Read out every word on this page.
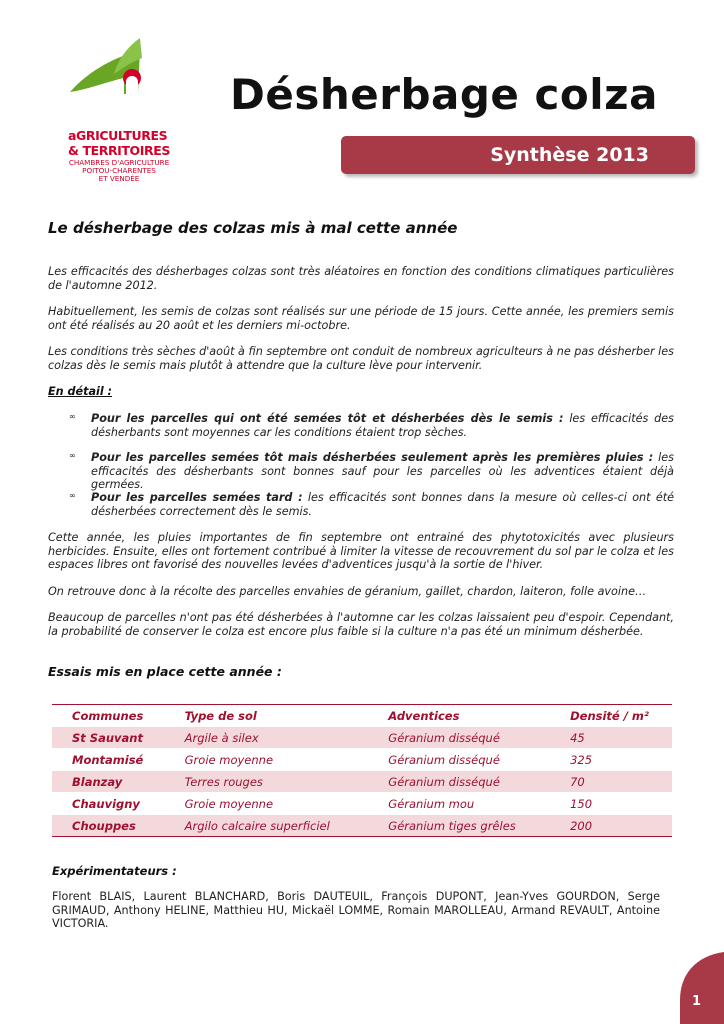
aGRICULTURES
& TERRITOIRES
CHAMBRES D'AGRICULTURE
POITOU-CHARENTES
ET VENDÉE
Désherbage colza
Synthèse 2013
Le désherbage des colzas mis à mal cette année
Les efficacités des désherbages colzas sont très aléatoires en fonction des conditions climatiques particulières de l'automne 2012.
Habituellement, les semis de colzas sont réalisés sur une période de 15 jours. Cette année, les premiers semis ont été réalisés au 20 août et les derniers mi-octobre.
Les conditions très sèches d'août à fin septembre ont conduit de nombreux agriculteurs à ne pas désherber les colzas dès le semis mais plutôt à attendre que la culture lève pour intervenir.
En détail :
∞ Pour les parcelles qui ont été semées tôt et désherbées dès le semis : les efficacités des désherbants sont moyennes car les conditions étaient trop sèches.
∞ Pour les parcelles semées tôt mais désherbées seulement après les premières pluies : les efficacités des désherbants sont bonnes sauf pour les parcelles où les adventices étaient déjà germées.
∞ Pour les parcelles semées tard : les efficacités sont bonnes dans la mesure où celles-ci ont été désherbées correctement dès le semis.
Cette année, les pluies importantes de fin septembre ont entrainé des phytotoxicités avec plusieurs herbicides. Ensuite, elles ont fortement contribué à limiter la vitesse de recouvrement du sol par le colza et les espaces libres ont favorisé des nouvelles levées d'adventices jusqu'à la sortie de l'hiver.
On retrouve donc à la récolte des parcelles envahies de géranium, gaillet, chardon, laiteron, folle avoine…
Beaucoup de parcelles n'ont pas été désherbées à l'automne car les colzas laissaient peu d'espoir. Cependant, la probabilité de conserver le colza est encore plus faible si la culture n'a pas été un minimum désherbée.
Essais mis en place cette année :
Communes	Type de sol	Adventices	Densité / m²
St Sauvant	Argile à silex	Géranium disséqué	45
Montamisé	Groie moyenne	Géranium disséqué	325
Blanzay	Terres rouges	Géranium disséqué	70
Chauvigny	Groie moyenne	Géranium mou	150
Chouppes	Argilo calcaire superficiel	Géranium tiges grêles	200
Expérimentateurs :
Florent BLAIS, Laurent BLANCHARD, Boris DAUTEUIL, François DUPONT, Jean-Yves GOURDON, Serge GRIMAUD, Anthony HELINE, Matthieu HU, Mickaël LOMME, Romain MAROLLEAU, Armand REVAULT, Antoine VICTORIA.
1
